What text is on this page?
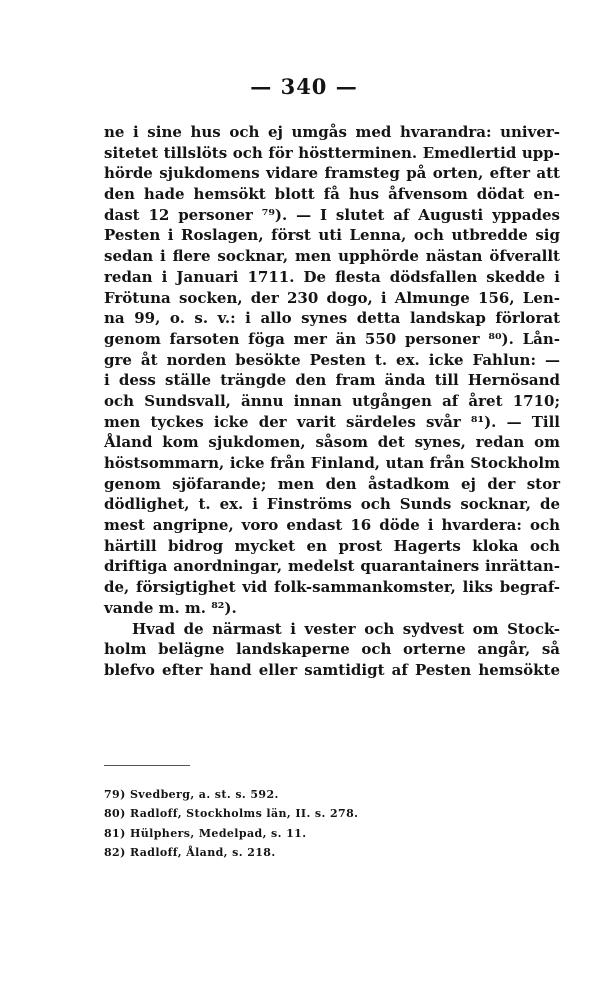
— 340 —
ne i sine hus och ej umgås med hvarandra: univer-
sitetet tillslöts och för höstterminen. Emedlertid upp-
hörde sjukdomens vidare framsteg på orten, efter att
den hade hemsökt blott få hus åfvensom dödat en-
dast 12 personer ⁷⁹). — I slutet af Augusti yppades
Pesten i Roslagen, först uti Lenna, och utbredde sig
sedan i flere socknar, men upphörde nästan öfverallt
redan i Januari 1711. De flesta dödsfallen skedde i
Frötuna socken, der 230 dogo, i Almunge 156, Len-
na 99, o. s. v.: i allo synes detta landskap förlorat
genom farsoten föga mer än 550 personer ⁸⁰). Lån-
gre åt norden besökte Pesten t. ex. icke Fahlun: —
i dess ställe trängde den fram ända till Hernösand
och Sundsvall, ännu innan utgången af året 1710;
men tyckes icke der varit särdeles svår ⁸¹). — Till
Åland kom sjukdomen, såsom det synes, redan om
höstsommarn, icke från Finland, utan från Stockholm
genom sjöfarande; men den åstadkom ej der stor
dödlighet, t. ex. i Finströms och Sunds socknar, de
mest angripne, voro endast 16 döde i hvardera: och
härtill bidrog mycket en prost Hagerts kloka och
driftiga anordningar, medelst quarantainers inrättan-
de, försigtighet vid folk-sammankomster, liks begraf-
vande m. m. ⁸²).
Hvad de närmast i vester och sydvest om Stock-
holm belägne landskaperne och orterne angår, så
blefvo efter hand eller samtidigt af Pesten hemsökte
79) Svedberg, a. st. s. 592.
80) Radloff, Stockholms län, II. s. 278.
81) Hülphers, Medelpad, s. 11.
82) Radloff, Åland, s. 218.
